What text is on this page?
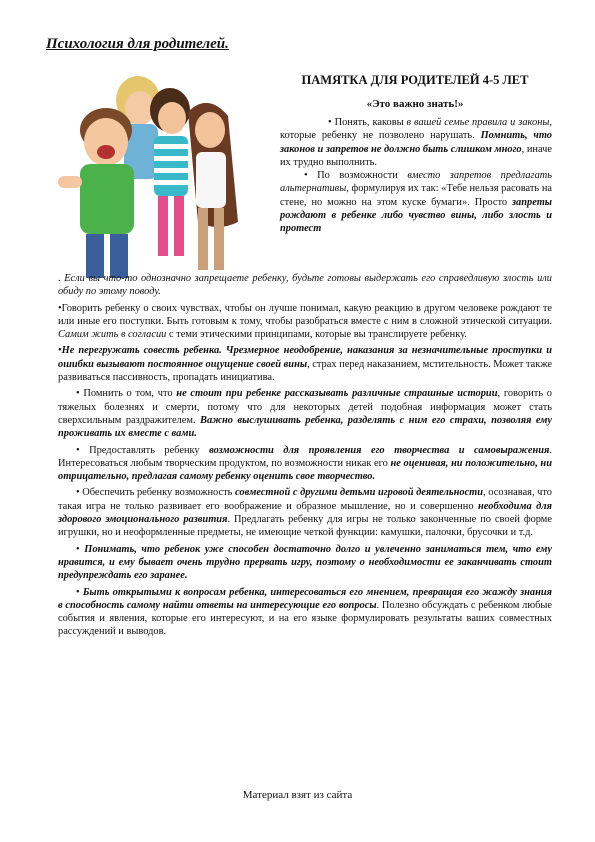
Психология для родителей.
ПАМЯТКА ДЛЯ РОДИТЕЛЕЙ 4-5 ЛЕТ
«Это важно знать!»

• Понять, каковы в вашей семье правила и законы, которые ребенку не позволено нарушать. Помнить, что законов и запретов не должно быть слишком много, иначе их трудно выполнить.

• По возможности вместо запретов предлагать альтернативы, формулируя их так: «Тебе нельзя расовать на стене, но можно на этом куске бумаги». Просто запреты рождают в ребенке либо чувство вины, либо злость и протест

. Если вы что-то однозначно запрещаете ребенку, будьте готовы выдержать его справедливую злость или обиду по этому поводу.

•Говорить ребенку о своих чувствах, чтобы он лучше понимал, какую реакцию в другом человеке рождают те или иные его поступки. Быть готовым к тому, чтобы разобраться вместе с ним в сложной этической ситуации. Самим жить в согласии с теми этическими принципами, которые вы транслируете ребенку.

•Не перегружать совесть ребенка. Чрезмерное неодобрение, наказания за незначительные проступки и ошибки вызывают постоянное ощущение своей вины, страх перед наказанием, мстительность. Может также развиваться пассивность, пропадать инициатива.

• Помнить о том, что не стоит при ребенке рассказывать различные страшные истории, говорить о тяжелых болезнях и смерти, потому что для некоторых детей подобная информация может стать сверхсильным раздражителем. Важно выслушивать ребенка, разделять с ним его страхи, позволяя ему проживать их вместе с вами.

• Предоставлять ребенку возможности для проявления его творчества и самовыражения. Интересоваться любым творческим продуктом, по возможности никак его не оценивая, ни положительно, ни отрицательно, предлагая самому ребенку оценить свое творчество.

• Обеспечить ребенку возможность совместной с другими детьми игровой деятельности, осознавая, что такая игра не только развивает его воображение и образное мышление, но и совершенно необходима для здорового эмоционального развития. Предлагать ребенку для игры не только законченные по своей форме игрушки, но и неоформленные предметы, не имеющие четкой функции: камушки, палочки, брусочки и т.д.

• Понимать, что ребенок уже способен достаточно долго и увлеченно заниматься тем, что ему нравится, и ему бывает очень трудно прервать игру, поэтому о необходимости ее заканчивать стоит предупреждать его заранее.

• Быть открытыми к вопросам ребенка, интересоваться его мнением, превращая его жажду знания в способность самому найти ответы на интересующие его вопросы. Полезно обсуждать с ребенком любые события и явления, которые его интересуют, и на его языке формулировать результаты ваших совместных рассуждений и выводов.

Материал взят из сайта
